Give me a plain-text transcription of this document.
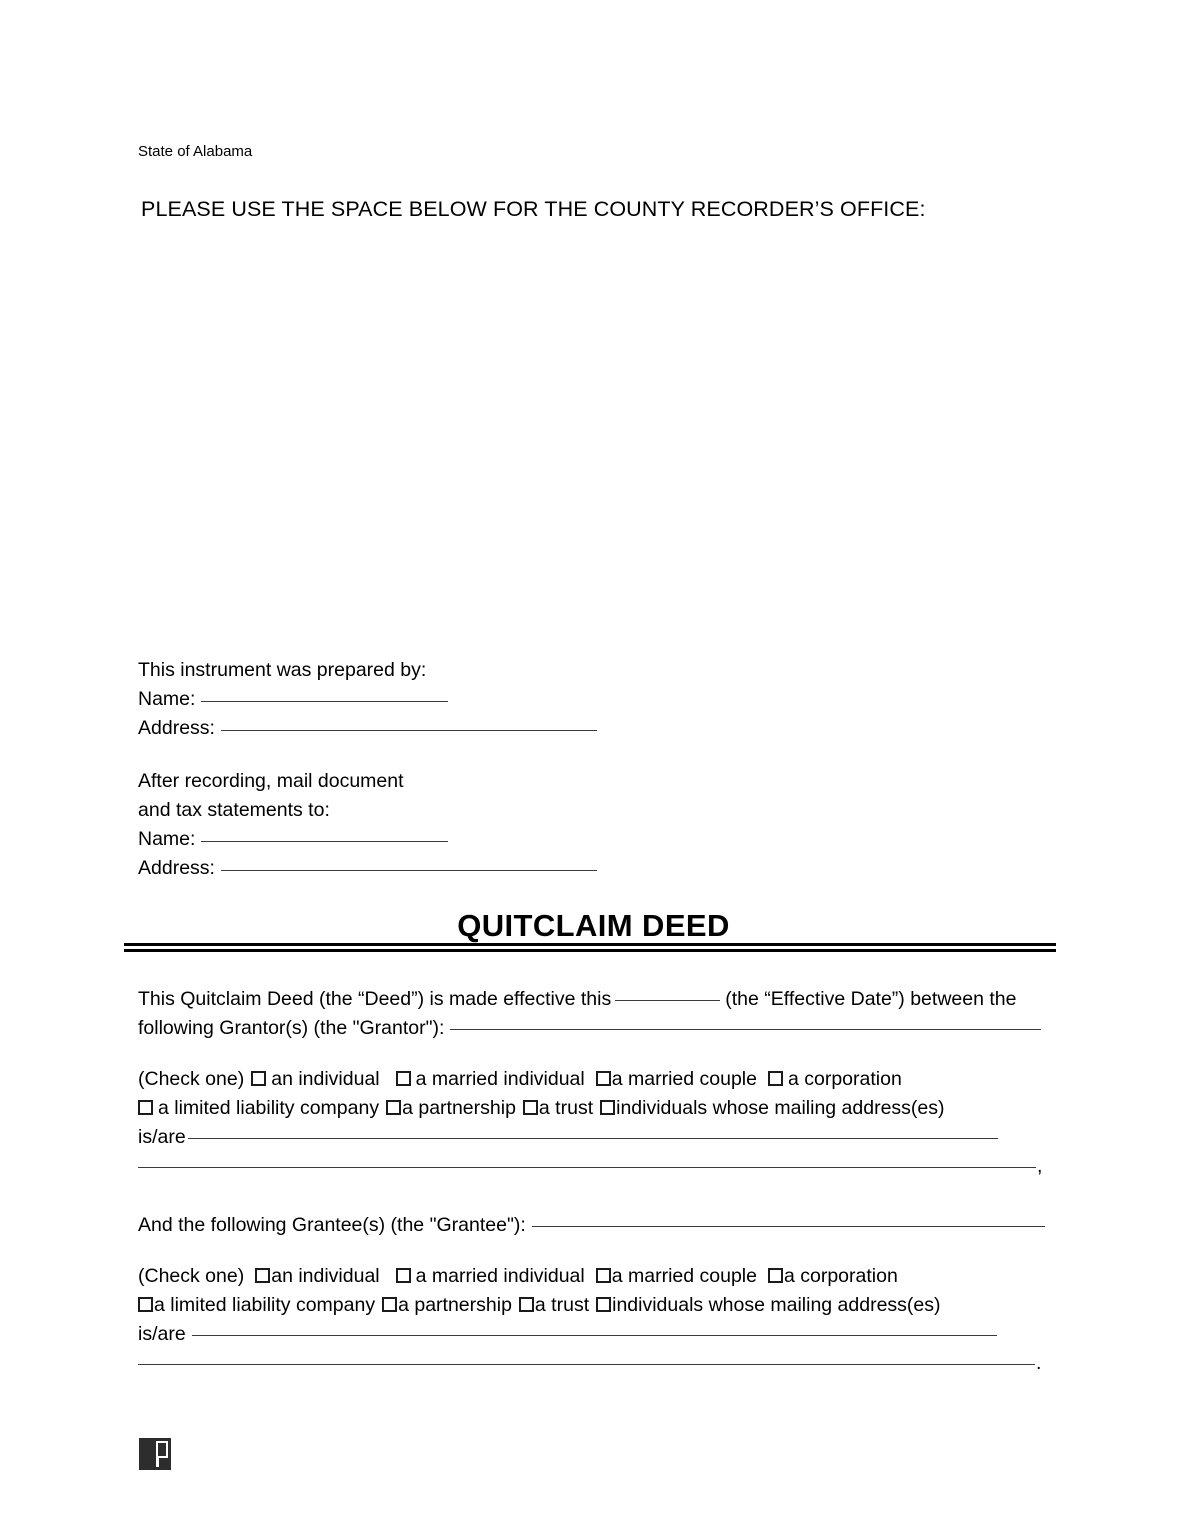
State of Alabama
PLEASE USE THE SPACE BELOW FOR THE COUNTY RECORDER’S OFFICE:
This instrument was prepared by:
Name:
Address:
After recording, mail document
and tax statements to:
Name:
Address:
QUITCLAIM DEED
This Quitclaim Deed (the “Deed”) is made effective this	(the “Effective Date”) between the
following Grantor(s) (the "Grantor"):
(Check one) an individual a married individual a married couple a corporation
a limited liability company a partnership a trust individuals whose mailing address(es)
is/are
,
And the following Grantee(s) (the "Grantee"):
(Check one) an individual a married individual a married couple a corporation
a limited liability company a partnership a trust individuals whose mailing address(es)
is/are
.
